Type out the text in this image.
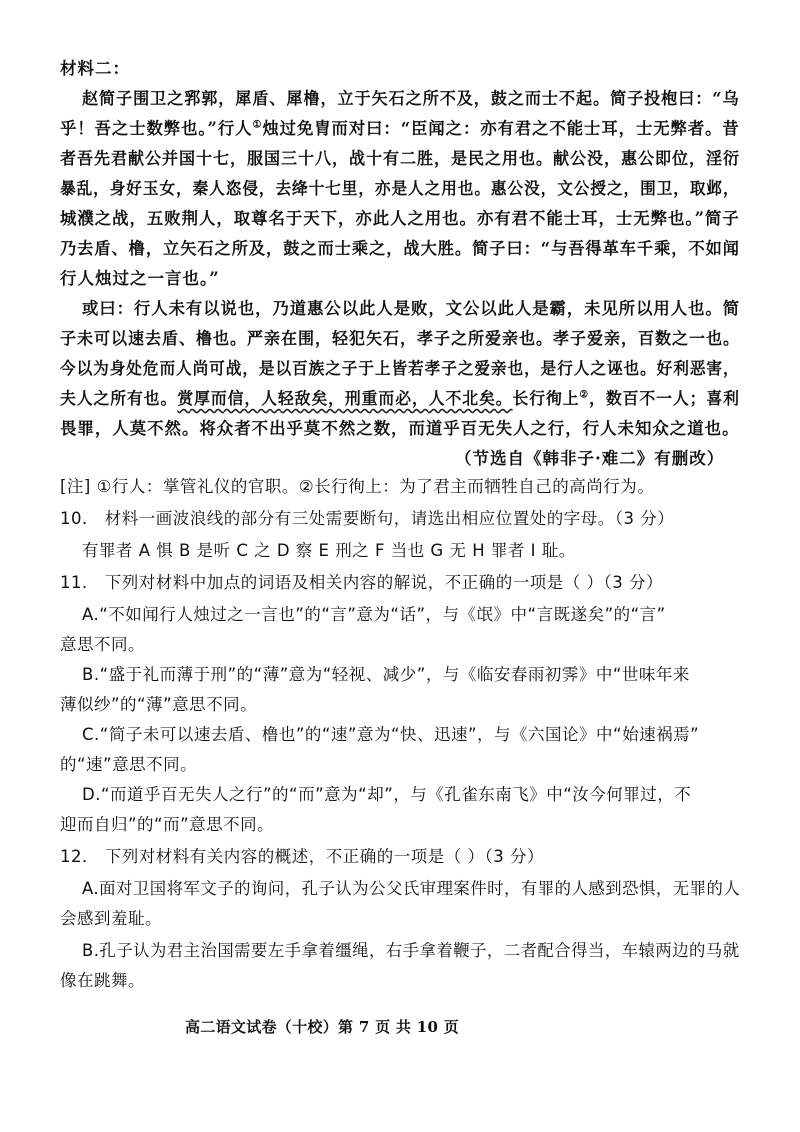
材料二：
赵简子围卫之郛郭，犀盾、犀橹，立于矢石之所不及，鼓之而士不起。简子投枹曰：“乌
乎！吾之士数弊也。”行人①烛过免胄而对曰：“臣闻之：亦有君之不能士耳，士无弊者。昔
者吾先君献公并国十七，服国三十八，战十有二胜，是民之用也。献公没，惠公即位，淫衍
暴乱，身好玉女，秦人恣侵，去绛十七里，亦是人之用也。惠公没，文公授之，围卫，取邺，
城濮之战，五败荆人，取尊名于天下，亦此人之用也。亦有君不能士耳，士无弊也。”简子
乃去盾、橹，立矢石之所及，鼓之而士乘之，战大胜。简子曰：“与吾得革车千乘，不如闻
行人烛过之一言也。”
或曰：行人未有以说也，乃道惠公以此人是败，文公以此人是霸，未见所以用人也。简
子未可以速去盾、橹也。严亲在围，轻犯矢石，孝子之所爱亲也。孝子爱亲，百数之一也。
今以为身处危而人尚可战，是以百族之子于上皆若孝子之爱亲也，是行人之诬也。好利恶害，
夫人之所有也。赏厚而信，人轻敌矣，刑重而必，人不北矣。长行徇上②，数百不一人；喜利
畏罪，人莫不然。将众者不出乎莫不然之数，而道乎百无失人之行，行人未知众之道也。
（节选自《韩非子·难二》有删改）
[注] ①行人：掌管礼仪的官职。②长行徇上：为了君主而牺牲自己的高尚行为。
10． 材料一画波浪线的部分有三处需要断句，请选出相应位置处的字母。（3 分）
有罪者 A 惧 B 是听 C 之 D 察 E 刑之 F 当也 G 无 H 罪者 I 耻。
11． 下列对材料中加点的词语及相关内容的解说，不正确的一项是（ ）（3 分）
A.“不如闻行人烛过之一言也”的“言”意为“话”，与《氓》中“言既遂矣”的“言”
意思不同。
B.“盛于礼而薄于刑”的“薄”意为“轻视、减少”，与《临安春雨初霁》中“世味年来
薄似纱”的“薄”意思不同。
C.“简子未可以速去盾、橹也”的“速”意为“快、迅速”，与《六国论》中“始速祸焉”
的“速”意思不同。
D.“而道乎百无失人之行”的“而”意为“却”，与《孔雀东南飞》中“汝今何罪过，不
迎而自归”的“而”意思不同。
12． 下列对材料有关内容的概述，不正确的一项是（ ）（3 分）
A.面对卫国将军文子的询问，孔子认为公父氏审理案件时，有罪的人感到恐惧，无罪的人
会感到羞耻。
B.孔子认为君主治国需要左手拿着缰绳，右手拿着鞭子，二者配合得当，车辕两边的马就
像在跳舞。
高二语文试卷（十校）第 7 页 共 10 页
